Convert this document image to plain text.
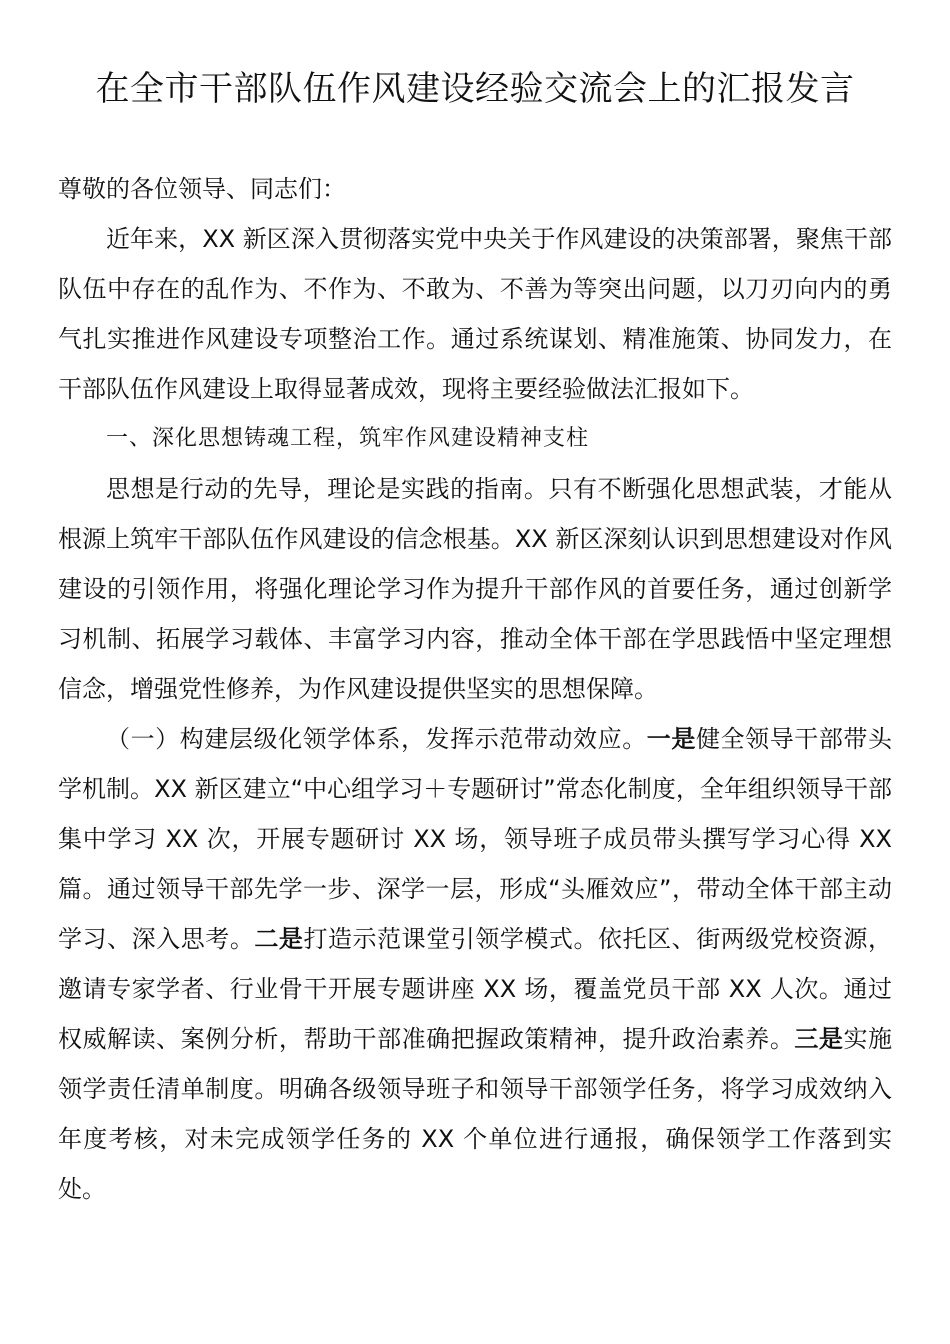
在全市干部队伍作风建设经验交流会上的汇报发言

尊敬的各位领导、同志们：

近年来，XX 新区深入贯彻落实党中央关于作风建设的决策部署，聚焦干部队伍中存在的乱作为、不作为、不敢为、不善为等突出问题，以刀刃向内的勇气扎实推进作风建设专项整治工作。通过系统谋划、精准施策、协同发力，在干部队伍作风建设上取得显著成效，现将主要经验做法汇报如下。

一、深化思想铸魂工程，筑牢作风建设精神支柱

思想是行动的先导，理论是实践的指南。只有不断强化思想武装，才能从根源上筑牢干部队伍作风建设的信念根基。XX 新区深刻认识到思想建设对作风建设的引领作用，将强化理论学习作为提升干部作风的首要任务，通过创新学习机制、拓展学习载体、丰富学习内容，推动全体干部在学思践悟中坚定理想信念，增强党性修养，为作风建设提供坚实的思想保障。

（一）构建层级化领学体系，发挥示范带动效应。一是健全领导干部带头学机制。XX 新区建立“中心组学习＋专题研讨”常态化制度，全年组织领导干部集中学习 XX 次，开展专题研讨 XX 场，领导班子成员带头撰写学习心得 XX 篇。通过领导干部先学一步、深学一层，形成“头雁效应”，带动全体干部主动学习、深入思考。二是打造示范课堂引领学模式。依托区、街两级党校资源，邀请专家学者、行业骨干开展专题讲座 XX 场，覆盖党员干部 XX 人次。通过权威解读、案例分析，帮助干部准确把握政策精神，提升政治素养。三是实施领学责任清单制度。明确各级领导班子和领导干部领学任务，将学习成效纳入年度考核，对未完成领学任务的 XX 个单位进行通报，确保领学工作落到实处。
